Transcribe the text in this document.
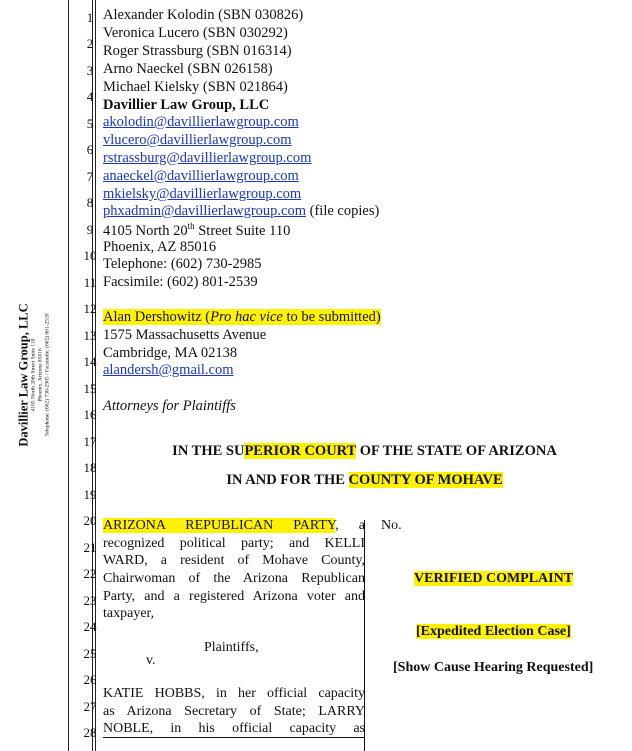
Davillier Law Group, LLC 4105 North 20th Street Suite 110 Phoenix, Arizona 85016 Telephone: (602) 730-2985 / Facsimile: (602) 801-2539
1
2
3
4
5
6
7
8
9
10
11
12
13
14
15
16
17
18
19
20
21
22
23
24
25
26
27
28
Alexander Kolodin (SBN 030826)
Veronica Lucero (SBN 030292)
Roger Strassburg (SBN 016314)
Arno Naeckel (SBN 026158)
Michael Kielsky (SBN 021864)
Davillier Law Group, LLC
akolodin@davillierlawgroup.com
vlucero@davillierlawgroup.com
rstrassburg@davillierlawgroup.com
anaeckel@davillierlawgroup.com
mkielsky@davillierlawgroup.com
phxadmin@davillierlawgroup.com (file copies)
4105 North 20th Street Suite 110
Phoenix, AZ 85016
Telephone: (602) 730-2985
Facsimile: (602) 801-2539
Alan Dershowitz (Pro hac vice to be submitted)
1575 Massachusetts Avenue
Cambridge, MA 02138
alandersh@gmail.com
Attorneys for Plaintiffs
IN THE SUPERIOR COURT OF THE STATE OF ARIZONA
IN AND FOR THE COUNTY OF MOHAVE
ARIZONA REPUBLICAN PARTY, a
recognized political party; and KELLI
WARD, a resident of Mohave County,
Chairwoman of the Arizona Republican
Party, and a registered Arizona voter and
taxpayer,
Plaintiffs,
v.
KATIE HOBBS, in her official capacity
as Arizona Secretary of State; LARRY
NOBLE, in his official capacity as
No.
VERIFIED COMPLAINT
[Expedited Election Case]
[Show Cause Hearing Requested]
